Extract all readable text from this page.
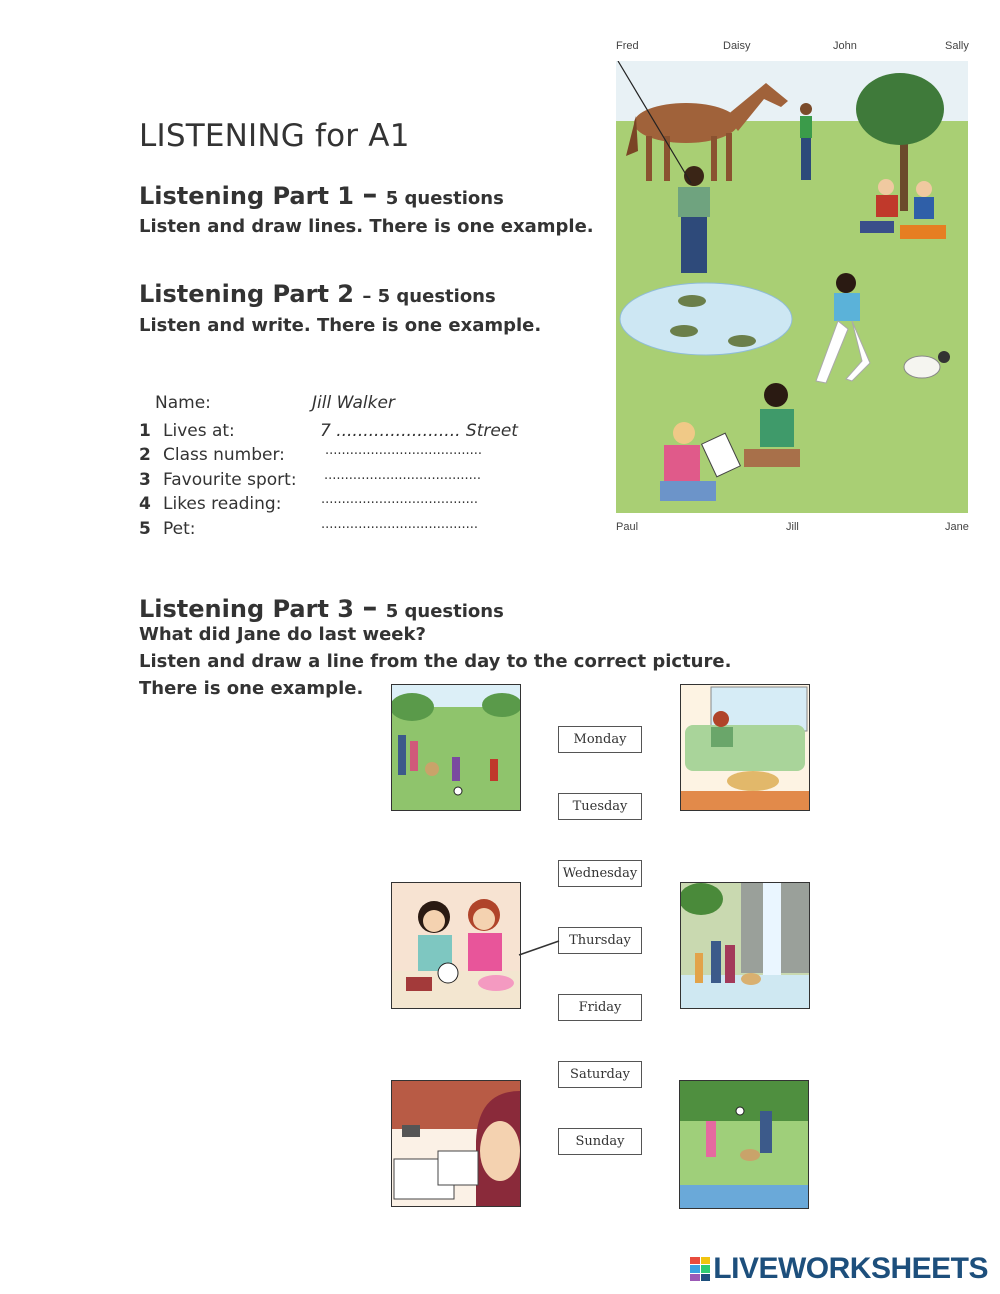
LISTENING for A1
Listening Part 1 – 5 questions
Listen and draw lines. There is one example.
Listening Part 2 – 5 questions
Listen and write. There is one example.
Name:	Jill Walker
1 Lives at:	7 ....................... Street
2 Class number:	......................................
3 Favourite sport: ......................................
4 Likes reading:	......................................
5 Pet:	......................................
Fred	Daisy	John	Sally
Paul	Jill	Jane
Listening Part 3 – 5 questions
What did Jane do last week?
Listen and draw a line from the day to the correct picture.
There is one example.
Monday
Tuesday
Wednesday
Thursday
Friday
Saturday
Sunday
LIVEWORKSHEETS
